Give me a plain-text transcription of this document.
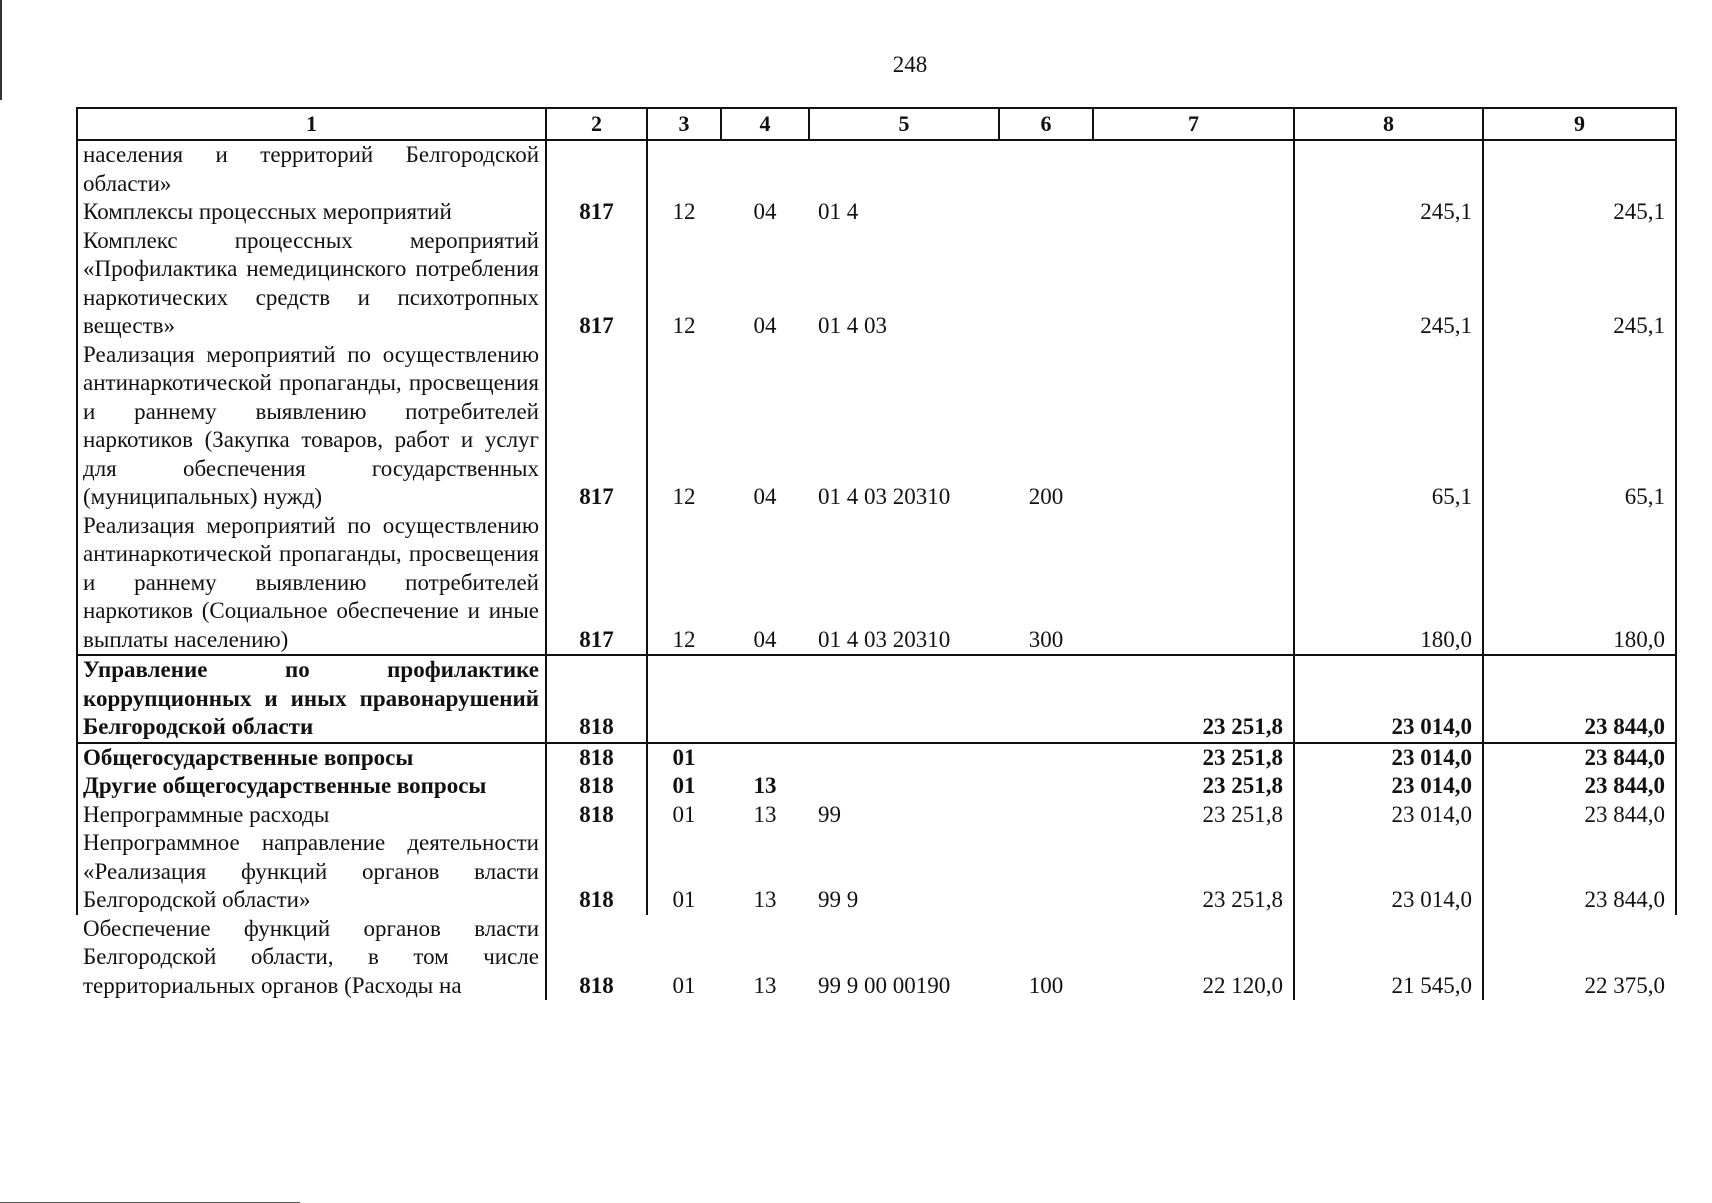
248
1	2	3	4	5	6	7	8	9
населения и территорий Белгородской области»								
Комплексы процессных мероприятий	817	12	04	01 4			245,1	245,1
Комплекс процессных мероприятий «Профилактика немедицинского потребления наркотических средств и психотропных веществ»	817	12	04	01 4 03			245,1	245,1
Реализация мероприятий по осуществлению антинаркотической пропаганды, просвещения и раннему выявлению потребителей наркотиков (Закупка товаров, работ и услуг для обеспечения государственных (муниципальных) нужд)	817	12	04	01 4 03 20310	200		65,1	65,1
Реализация мероприятий по осуществлению антинаркотической пропаганды, просвещения и раннему выявлению потребителей наркотиков (Социальное обеспечение и иные выплаты населению)	817	12	04	01 4 03 20310	300		180,0	180,0
Управление по профилактике коррупционных и иных правонарушений Белгородской области	818					23 251,8	23 014,0	23 844,0
Общегосударственные вопросы	818	01				23 251,8	23 014,0	23 844,0
Другие общегосударственные вопросы	818	01	13			23 251,8	23 014,0	23 844,0
Непрограммные расходы	818	01	13	99		23 251,8	23 014,0	23 844,0
Непрограммное направление деятельности «Реализация функций органов власти Белгородской области»	818	01	13	99 9		23 251,8	23 014,0	23 844,0
Обеспечение функций органов власти Белгородской области, в том числе территориальных органов (Расходы на	818	01	13	99 9 00 00190	100	22 120,0	21 545,0	22 375,0
